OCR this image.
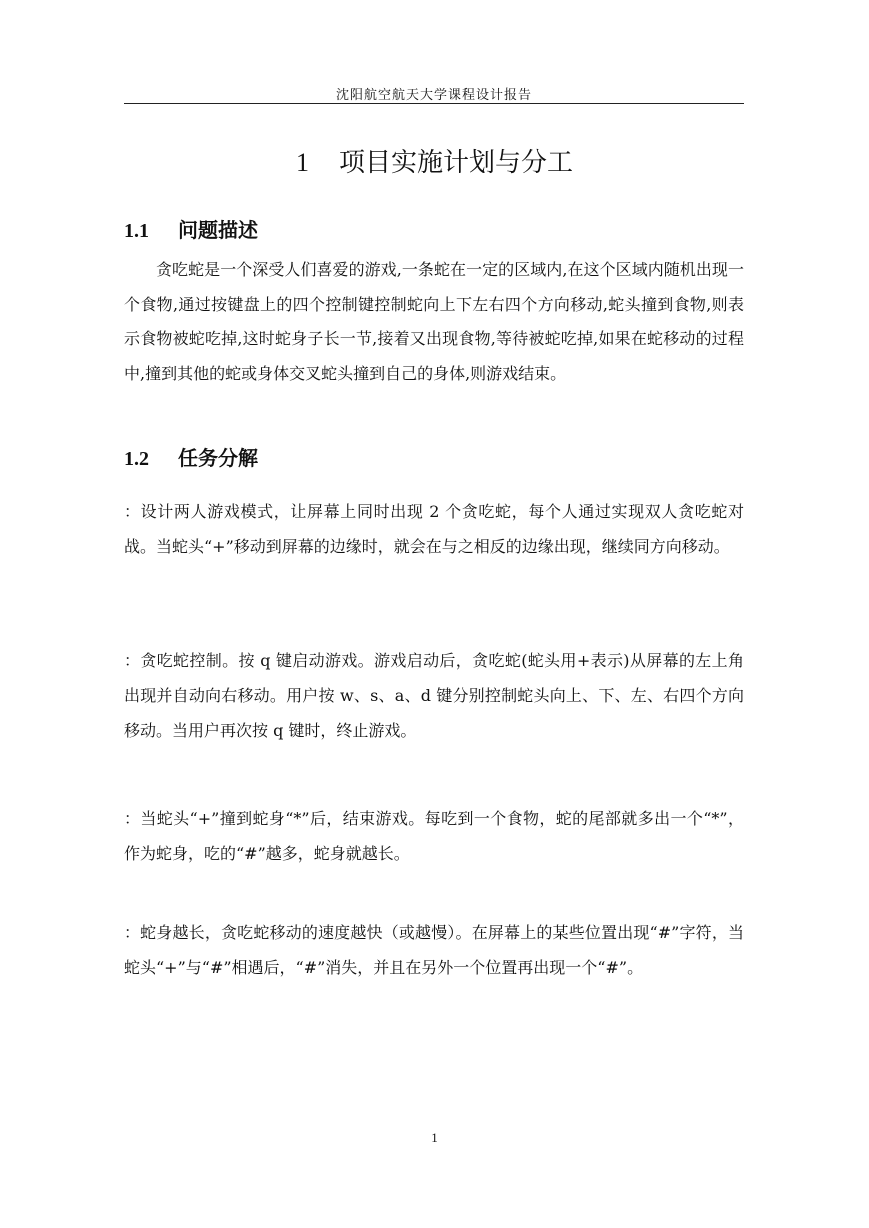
沈阳航空航天大学课程设计报告
1 项目实施计划与分工
1.1 问题描述
贪吃蛇是一个深受人们喜爱的游戏,一条蛇在一定的区域内,在这个区域内随机出现一个食物,通过按键盘上的四个控制键控制蛇向上下左右四个方向移动,蛇头撞到食物,则表示食物被蛇吃掉,这时蛇身子长一节,接着又出现食物,等待被蛇吃掉,如果在蛇移动的过程中,撞到其他的蛇或身体交叉蛇头撞到自己的身体,则游戏结束。
1.2 任务分解
：设计两人游戏模式，让屏幕上同时出现 2 个贪吃蛇，每个人通过实现双人贪吃蛇对战。当蛇头“+”移动到屏幕的边缘时，就会在与之相反的边缘出现，继续同方向移动。
：贪吃蛇控制。按 q 键启动游戏。游戏启动后，贪吃蛇(蛇头用+表示)从屏幕的左上角出现并自动向右移动。用户按 w、s、a、d 键分别控制蛇头向上、下、左、右四个方向移动。当用户再次按 q 键时，终止游戏。
：当蛇头“+”撞到蛇身“*”后，结束游戏。每吃到一个食物，蛇的尾部就多出一个“*”，作为蛇身，吃的“#”越多，蛇身就越长。
：蛇身越长，贪吃蛇移动的速度越快（或越慢）。在屏幕上的某些位置出现“#”字符，当蛇头“+”与“#”相遇后，“#”消失，并且在另外一个位置再出现一个“#”。
1
